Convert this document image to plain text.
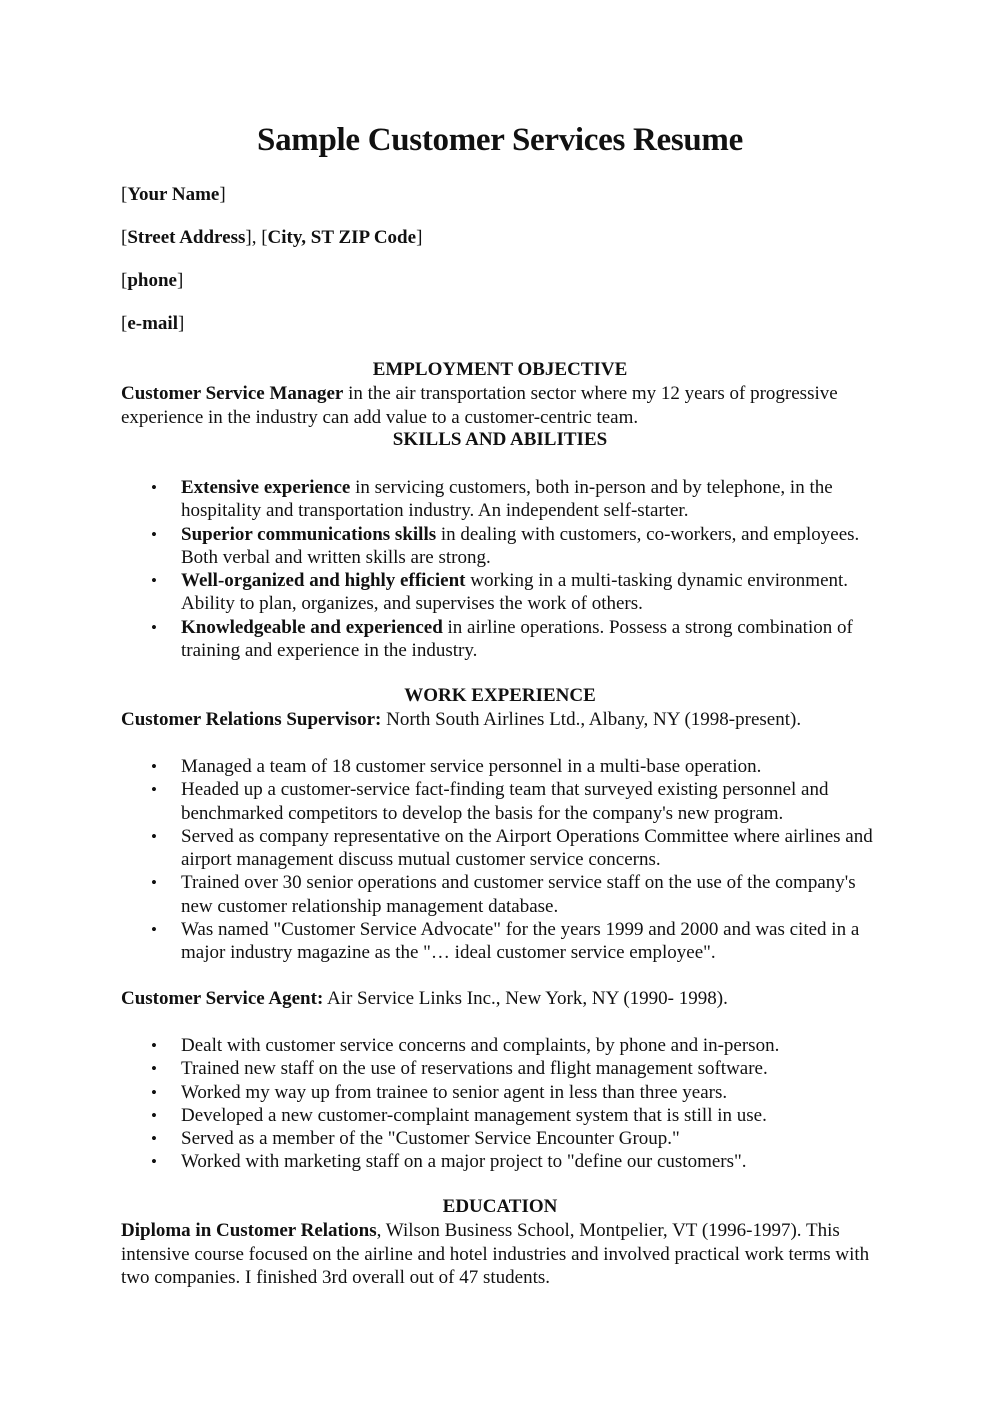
Sample Customer Services Resume

[Your Name]

[Street Address], [City, ST ZIP Code]

[phone]

[e-mail]

EMPLOYMENT OBJECTIVE

Customer Service Manager in the air transportation sector where my 12 years of progressive experience in the industry can add value to a customer-centric team.

SKILLS AND ABILITIES
• Extensive experience in servicing customers, both in-person and by telephone, in the hospitality and transportation industry. An independent self-starter.
• Superior communications skills in dealing with customers, co-workers, and employees. Both verbal and written skills are strong.
• Well-organized and highly efficient working in a multi-tasking dynamic environment. Ability to plan, organizes, and supervises the work of others.
• Knowledgeable and experienced in airline operations. Possess a strong combination of training and experience in the industry.
WORK EXPERIENCE

Customer Relations Supervisor: North South Airlines Ltd., Albany, NY (1998-present).

• Managed a team of 18 customer service personnel in a multi-base operation.
• Headed up a customer-service fact-finding team that surveyed existing personnel and benchmarked competitors to develop the basis for the company's new program.
• Served as company representative on the Airport Operations Committee where airlines and airport management discuss mutual customer service concerns.
• Trained over 30 senior operations and customer service staff on the use of the company's new customer relationship management database.
• Was named "Customer Service Advocate" for the years 1999 and 2000 and was cited in a major industry magazine as the "… ideal customer service employee".

Customer Service Agent: Air Service Links Inc., New York, NY (1990- 1998).

• Dealt with customer service concerns and complaints, by phone and in-person.
• Trained new staff on the use of reservations and flight management software.
• Worked my way up from trainee to senior agent in less than three years.
• Developed a new customer-complaint management system that is still in use.
• Served as a member of the "Customer Service Encounter Group."
• Worked with marketing staff on a major project to "define our customers".
EDUCATION

Diploma in Customer Relations, Wilson Business School, Montpelier, VT (1996-1997). This intensive course focused on the airline and hotel industries and involved practical work terms with two companies. I finished 3rd overall out of 47 students.
